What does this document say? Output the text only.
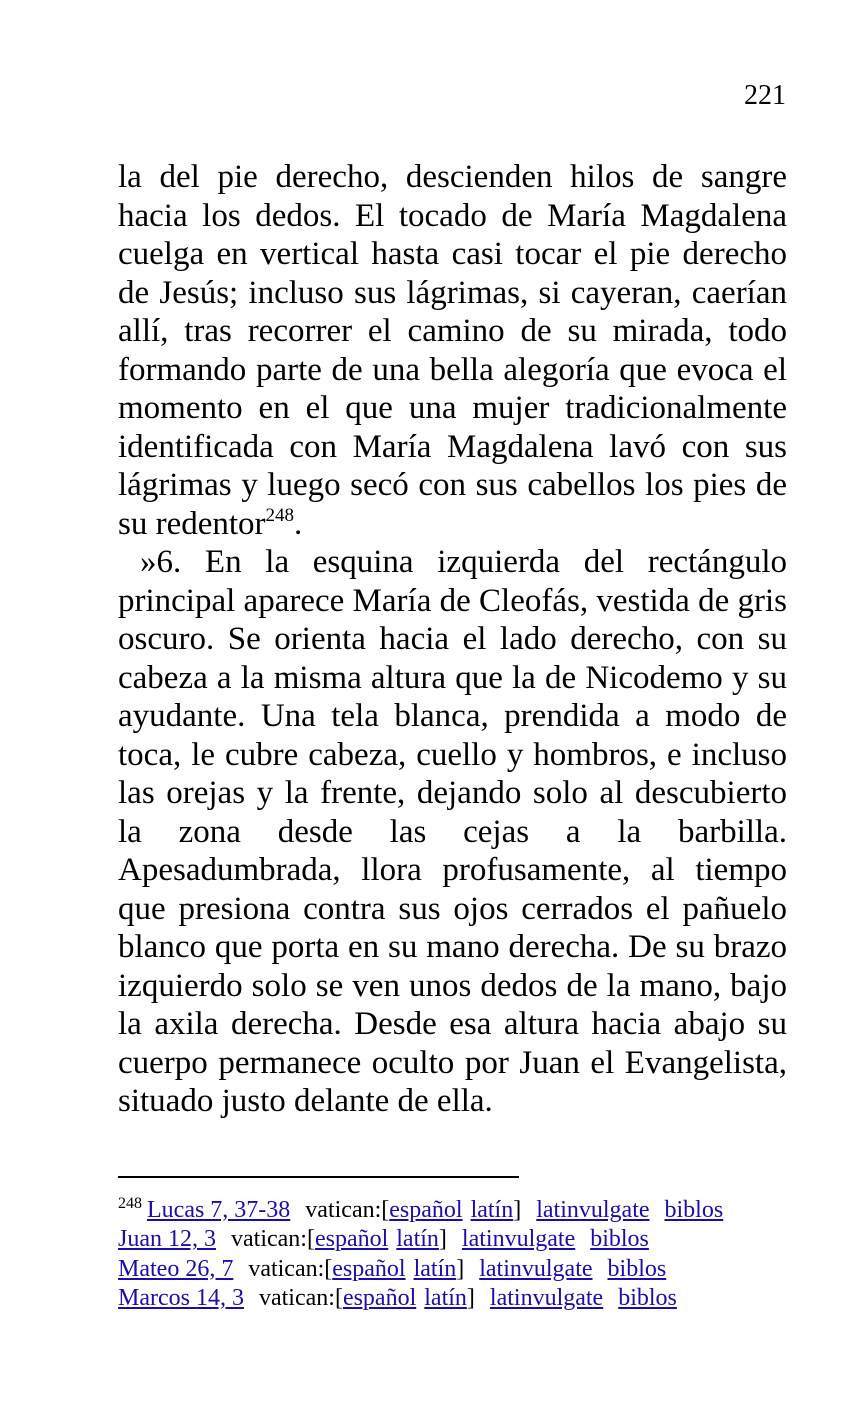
221

la del pie derecho, descienden hilos de sangre hacia los dedos. El tocado de María Magdalena cuelga en vertical hasta casi tocar el pie derecho de Jesús; incluso sus lágrimas, si cayeran, caerían allí, tras recorrer el camino de su mirada, todo formando parte de una bella alegoría que evoca el momento en el que una mujer tradicionalmente identificada con María Magdalena lavó con sus lágrimas y luego secó con sus cabellos los pies de su redentor$^{248}$.

»6. En la esquina izquierda del rectángulo principal aparece María de Cleofás, vestida de gris oscuro. Se orienta hacia el lado derecho, con su cabeza a la misma altura que la de Nicodemo y su ayudante. Una tela blanca, prendida a modo de toca, le cubre cabeza, cuello y hombros, e incluso las orejas y la frente, dejando solo al descubierto la zona desde las cejas a la barbilla. Apesadumbrada, llora profusamente, al tiempo que presiona contra sus ojos cerrados el pañuelo blanco que porta en su mano derecha. De su brazo izquierdo solo se ven unos dedos de la mano, bajo la axila derecha. Desde esa altura hacia abajo su cuerpo permanece oculto por Juan el Evangelista, situado justo delante de ella.

$^{248}$ Lucas 7, 37-38 vatican:[español latín] latinvulgate biblos
Juan 12, 3 vatican:[español latín] latinvulgate biblos
Mateo 26, 7 vatican:[español latín] latinvulgate biblos
Marcos 14, 3 vatican:[español latín] latinvulgate biblos
